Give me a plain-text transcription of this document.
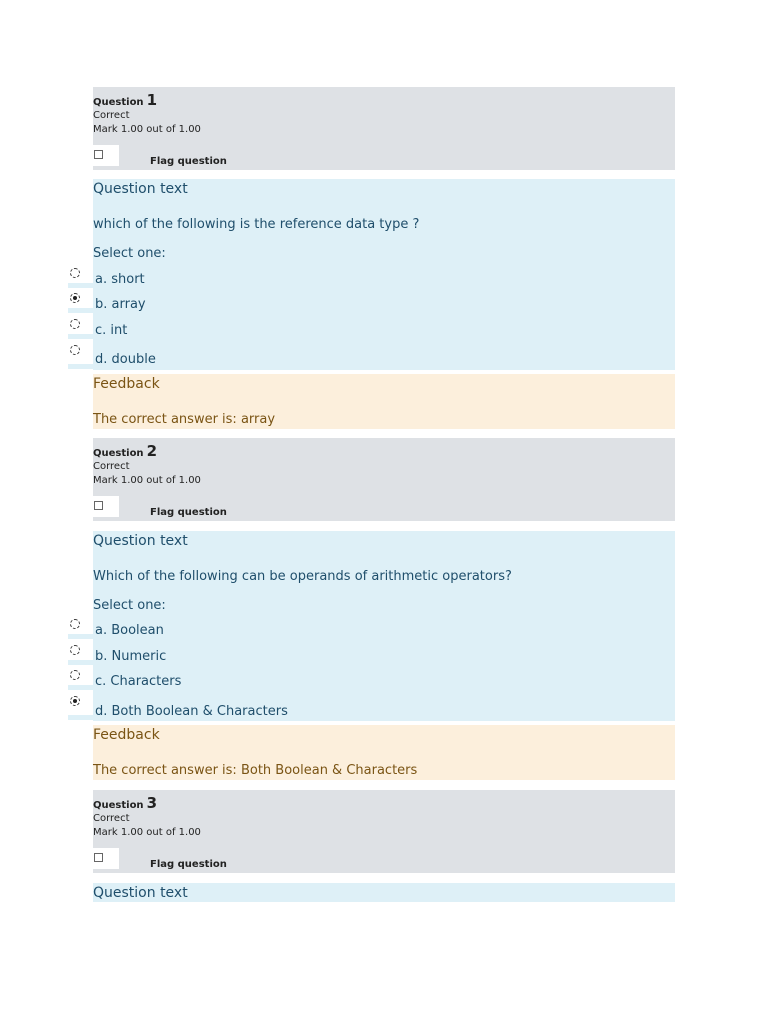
Question 1
Correct
Mark 1.00 out of 1.00
Flag question
Question text
which of the following is the reference data type ?
Select one:
a. short
b. array
c. int
d. double
Feedback
The correct answer is: array
Question 2
Correct
Mark 1.00 out of 1.00
Flag question
Question text
Which of the following can be operands of arithmetic operators?
Select one:
a. Boolean
b. Numeric
c. Characters
d. Both Boolean & Characters
Feedback
The correct answer is: Both Boolean & Characters
Question 3
Correct
Mark 1.00 out of 1.00
Flag question
Question text
